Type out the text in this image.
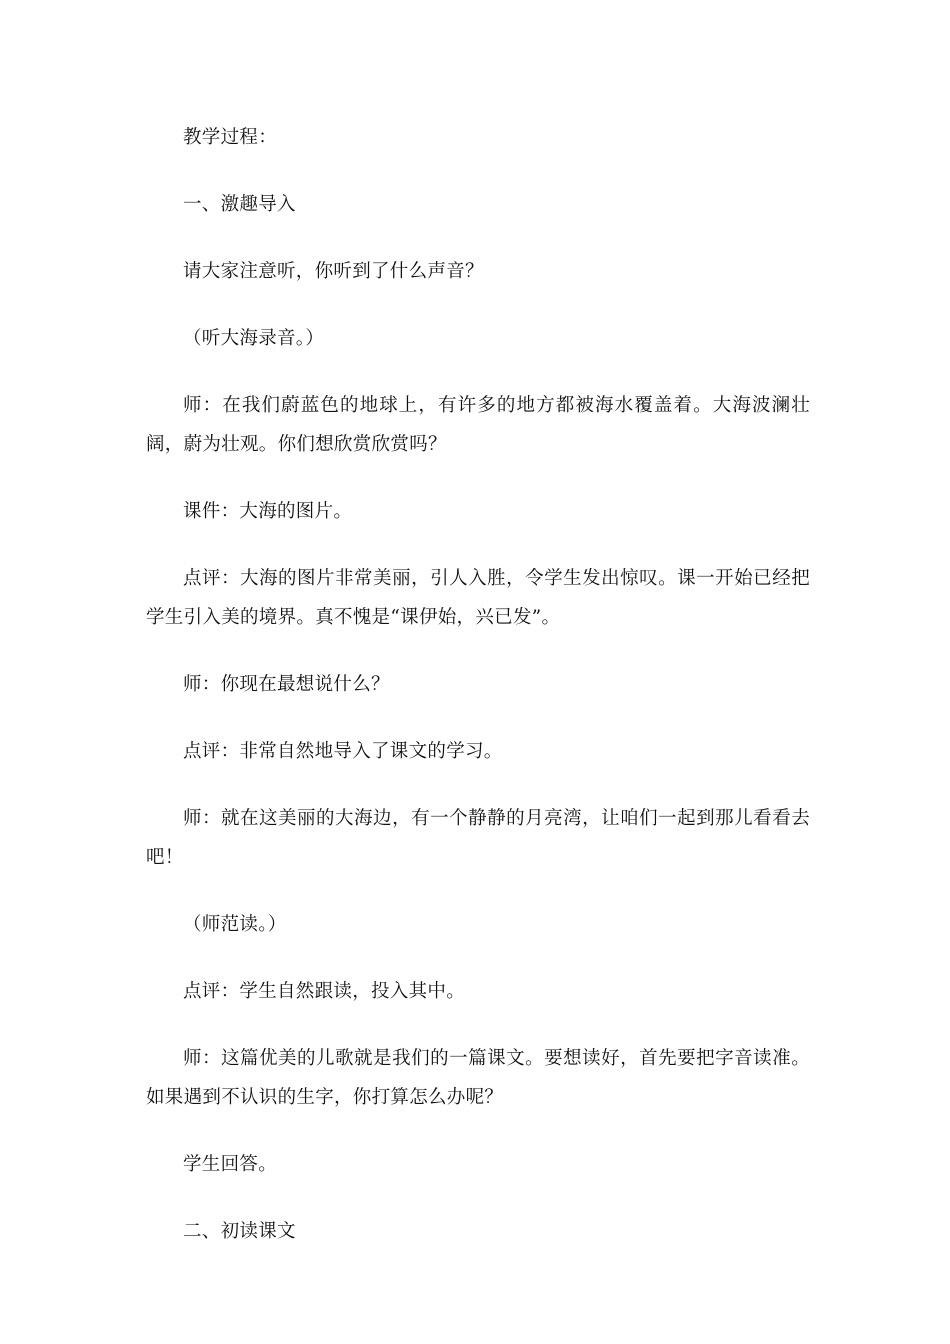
教学过程：

一、激趣导入

请大家注意听，你听到了什么声音？

（听大海录音。）

师：在我们蔚蓝色的地球上，有许多的地方都被海水覆盖着。大海波澜壮阔，蔚为壮观。你们想欣赏欣赏吗？

课件：大海的图片。

点评：大海的图片非常美丽，引人入胜，令学生发出惊叹。课一开始已经把学生引入美的境界。真不愧是“课伊始，兴已发”。

师：你现在最想说什么？

点评：非常自然地导入了课文的学习。

师：就在这美丽的大海边，有一个静静的月亮湾，让咱们一起到那儿看看去吧！

（师范读。）

点评：学生自然跟读，投入其中。

师：这篇优美的儿歌就是我们的一篇课文。要想读好，首先要把字音读准。如果遇到不认识的生字，你打算怎么办呢？

学生回答。

二、初读课文
